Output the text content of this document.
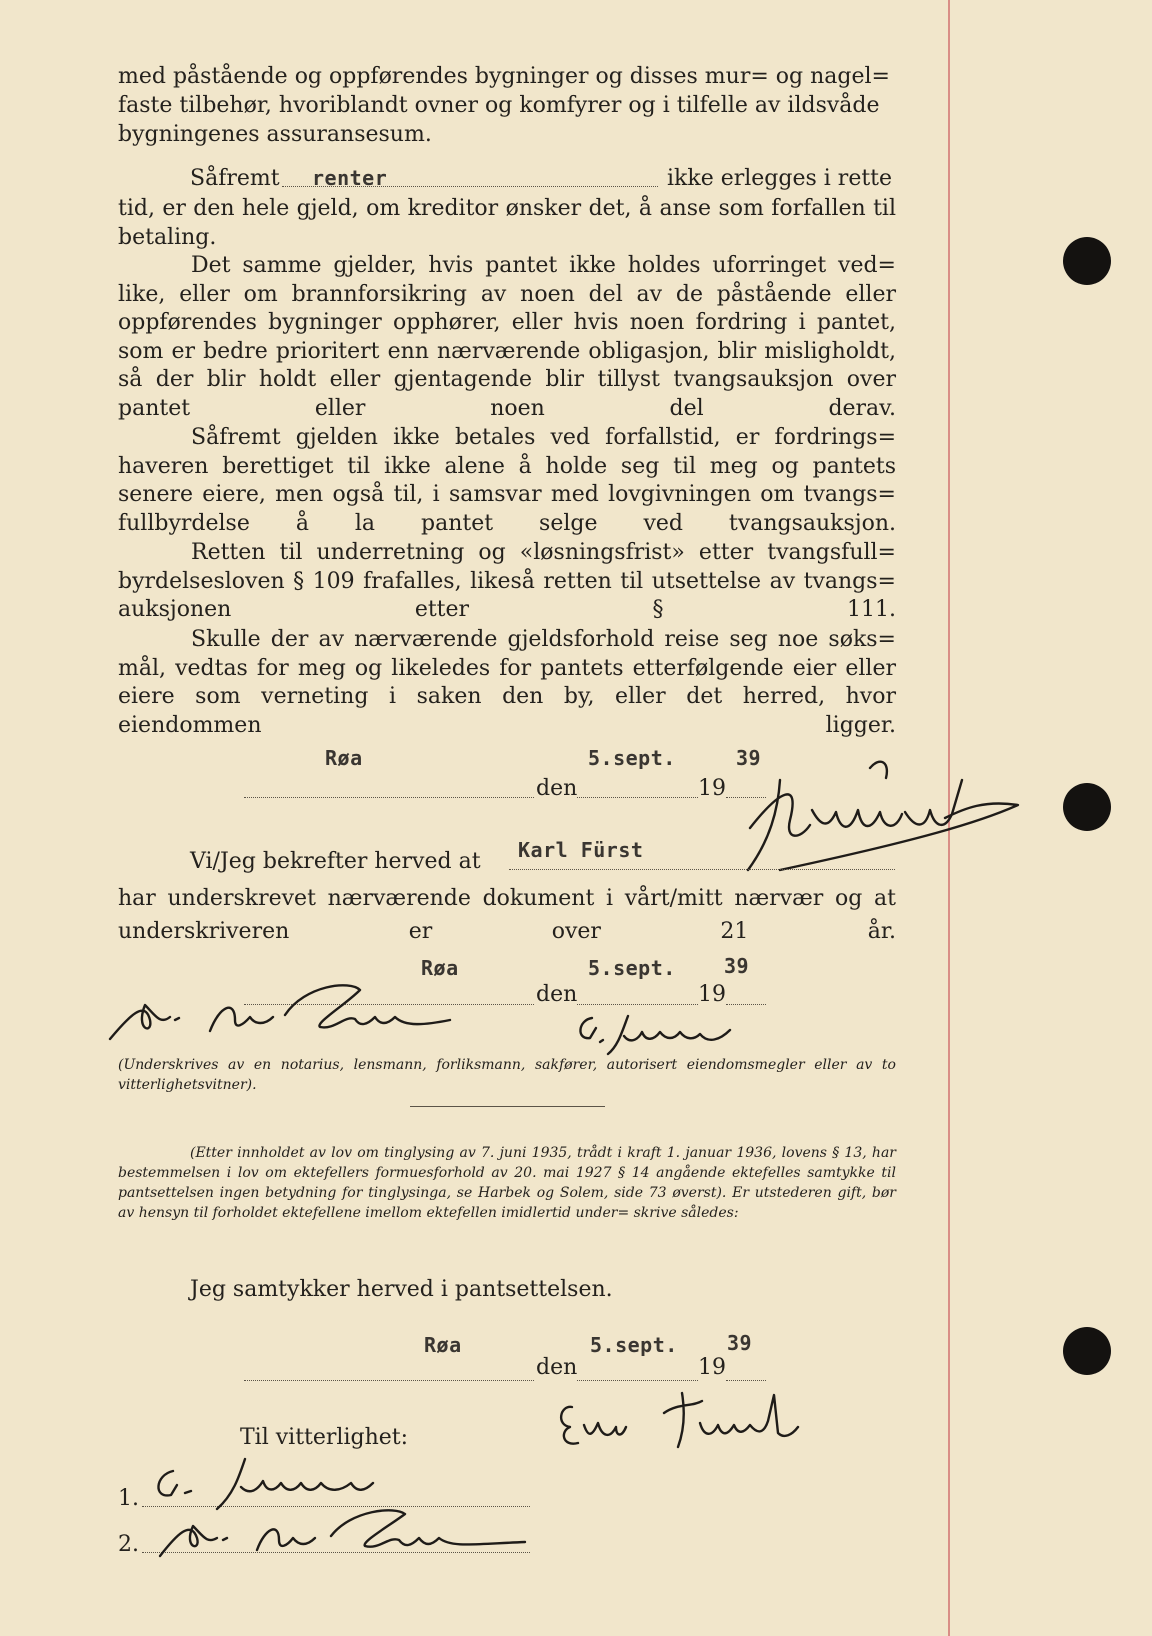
med påstående og oppførendes bygninger og disses mur= og nagel=
faste tilbehør, hvoriblandt ovner og komfyrer og i tilfelle av ildsvåde
bygningenes assuransesum.
Såfremt renter	ikke erlegges i rette

tid, er den hele gjeld, om kreditor ønsker det, å anse som forfallen til betaling.

Det samme gjelder, hvis pantet ikke holdes uforringet ved= like, eller om brannforsikring av noen del av de påstående eller oppførendes bygninger opphører, eller hvis noen fordring i pantet, som er bedre prioritert enn nærværende obligasjon, blir misligholdt, så der blir holdt eller gjentagende blir tillyst tvangsauksjon over pantet eller noen del derav.

Såfremt gjelden ikke betales ved forfallstid, er fordrings= haveren berettiget til ikke alene å holde seg til meg og pantets senere eiere, men også til, i samsvar med lovgivningen om tvangs= fullbyrdelse å la pantet selge ved tvangsauksjon.

Retten til underretning og «løsningsfrist» etter tvangsfull= byrdelsesloven § 109 frafalles, likeså retten til utsettelse av tvangs= auksjonen etter § 111.

Skulle der av nærværende gjeldsforhold reise seg noe søks= mål, vedtas for meg og likeledes for pantets etterfølgende eier eller eiere som verneting i saken den by, eller det herred, hvor eiendommen ligger.

Røa	5.sept.	39
den	19
Vi/Jeg bekrefter herved at Karl Fürst

har underskrevet nærværende dokument i vårt/mitt nærvær og at underskriveren er over 21 år.

Røa	5.sept. 39
den	19

(Underskrives av en notarius, lensmann, forliksmann, sakfører, autorisert eiendomsmegler eller av to vitterlighetsvitner).

(Etter innholdet av lov om tinglysing av 7. juni 1935, trådt i kraft 1. januar 1936, lovens § 13, har bestemmelsen i lov om ektefellers formuesforhold av 20. mai 1927 § 14 angående ektefelles samtykke til pantsettelsen ingen betydning for tinglysinga, se Harbek og Solem, side 73 øverst). Er utstederen gift, bør av hensyn til forholdet ektefellene imellom ektefellen imidlertid under= skrive således:

Jeg samtykker herved i pantsettelsen.
Røa	5.sept. 39
den	19
Til vitterlighet:
1.
2.
